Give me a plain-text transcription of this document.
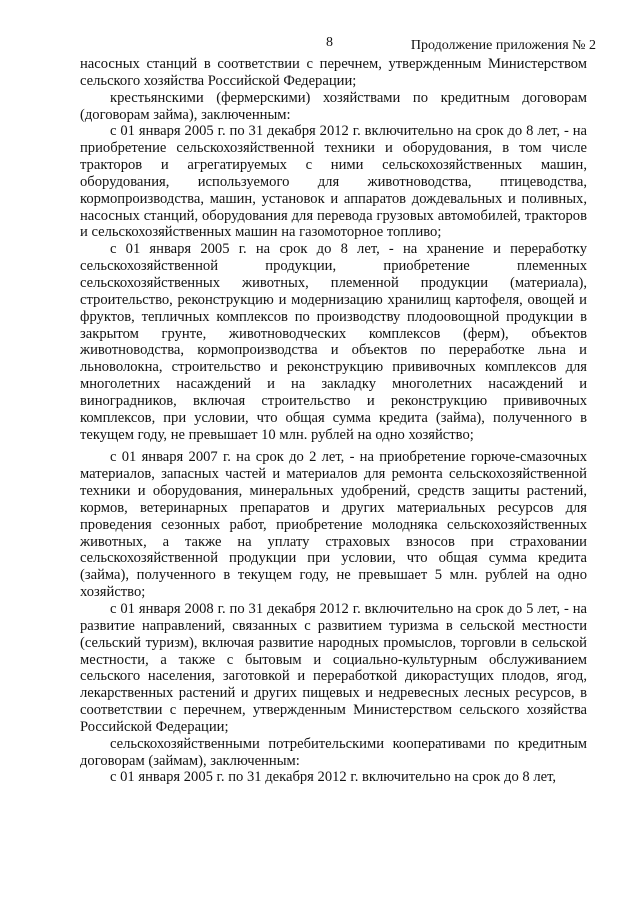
8	Продолжение приложения № 2

насосных станций в соответствии с перечнем, утвержденным Министерством сельского хозяйства Российской Федерации;

крестьянскими (фермерскими) хозяйствами по кредитным договорам (договорам займа), заключенным:

с 01 января 2005 г. по 31 декабря 2012 г. включительно на срок до 8 лет, - на приобретение сельскохозяйственной техники и оборудования, в том числе тракторов и агрегатируемых с ними сельскохозяйственных машин, оборудования, используемого для животноводства, птицеводства, кормопроизводства, машин, установок и аппаратов дождевальных и поливных, насосных станций, оборудования для перевода грузовых автомобилей, тракторов и сельскохозяйственных машин на газомоторное топливо;

с 01 января 2005 г. на срок до 8 лет, - на хранение и переработку сельскохозяйственной продукции, приобретение племенных сельскохозяйственных животных, племенной продукции (материала), строительство, реконструкцию и модернизацию хранилищ картофеля, овощей и фруктов, тепличных комплексов по производству плодоовощной продукции в закрытом грунте, животноводческих комплексов (ферм), объектов животноводства, кормопроизводства и объектов по переработке льна и льноволокна, строительство и реконструкцию прививочных комплексов для многолетних насаждений и на закладку многолетних насаждений и виноградников, включая строительство и реконструкцию прививочных комплексов, при условии, что общая сумма кредита (займа), полученного в текущем году, не превышает 10 млн. рублей на одно хозяйство;

с 01 января 2007 г. на срок до 2 лет, - на приобретение горюче-смазочных материалов, запасных частей и материалов для ремонта сельскохозяйственной техники и оборудования, минеральных удобрений, средств защиты растений, кормов, ветеринарных препаратов и других материальных ресурсов для проведения сезонных работ, приобретение молодняка сельскохозяйственных животных, а также на уплату страховых взносов при страховании сельскохозяйственной продукции при условии, что общая сумма кредита (займа), полученного в текущем году, не превышает 5 млн. рублей на одно хозяйство;

с 01 января 2008 г. по 31 декабря 2012 г. включительно на срок до 5 лет, - на развитие направлений, связанных с развитием туризма в сельской местности (сельский туризм), включая развитие народных промыслов, торговли в сельской местности, а также с бытовым и социально-культурным обслуживанием сельского населения, заготовкой и переработкой дикорастущих плодов, ягод, лекарственных растений и других пищевых и недревесных лесных ресурсов, в соответствии с перечнем, утвержденным Министерством сельского хозяйства Российской Федерации;

сельскохозяйственными потребительскими кооперативами по кредитным договорам (займам), заключенным:

с 01 января 2005 г. по 31 декабря 2012 г. включительно на срок до 8 лет,
